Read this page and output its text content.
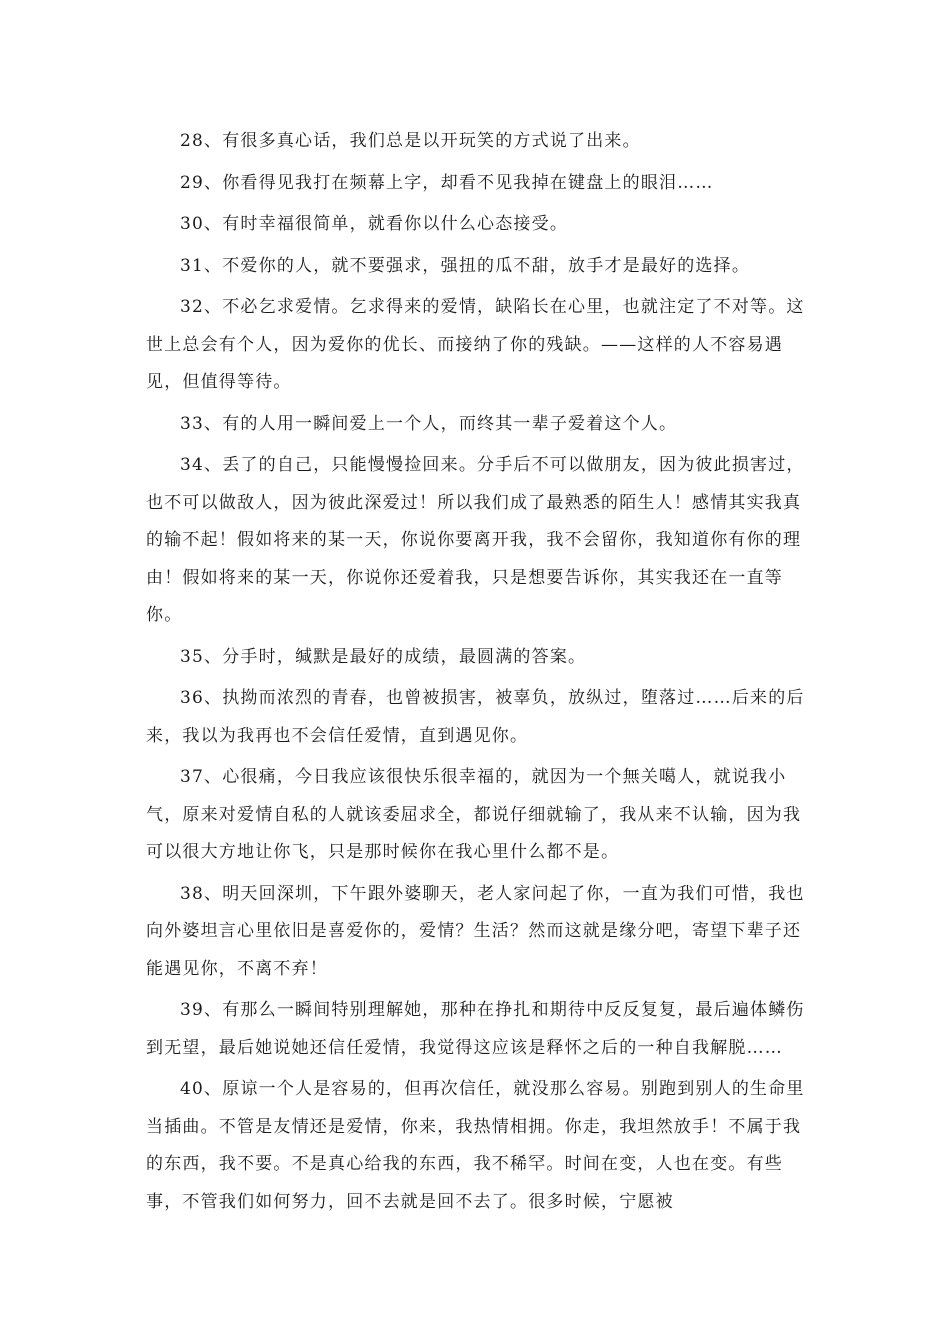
28、有很多真心话，我们总是以开玩笑的方式说了出来。

29、你看得见我打在频幕上字，却看不见我掉在键盘上的眼泪……

30、有时幸福很简单，就看你以什么心态接受。

31、不爱你的人，就不要强求，强扭的瓜不甜，放手才是最好的选择。

32、不必乞求爱情。乞求得来的爱情，缺陷长在心里，也就注定了不对等。这世上总会有个人，因为爱你的优长、而接纳了你的残缺。——这样的人不容易遇见，但值得等待。

33、有的人用一瞬间爱上一个人，而终其一辈子爱着这个人。

34、丢了的自己，只能慢慢捡回来。分手后不可以做朋友，因为彼此损害过，也不可以做敌人，因为彼此深爱过！所以我们成了最熟悉的陌生人！感情其实我真的输不起！假如将来的某一天，你说你要离开我，我不会留你，我知道你有你的理由！假如将来的某一天，你说你还爱着我，只是想要告诉你，其实我还在一直等你。

35、分手时，缄默是最好的成绩，最圆满的答案。

36、执拗而浓烈的青春，也曾被损害，被辜负，放纵过，堕落过……后来的后来，我以为我再也不会信任爱情，直到遇见你。

37、心很痛，今日我应该很快乐很幸福的，就因为一个無关噶人，就说我小气，原来对爱情自私的人就该委屈求全，都说仔细就输了，我从来不认输，因为我可以很大方地让你飞，只是那时候你在我心里什么都不是。

38、明天回深圳，下午跟外婆聊天，老人家问起了你，一直为我们可惜，我也向外婆坦言心里依旧是喜爱你的，爱情？生活？然而这就是缘分吧，寄望下辈子还能遇见你，不离不弃！

39、有那么一瞬间特别理解她，那种在挣扎和期待中反反复复，最后遍体鳞伤到无望，最后她说她还信任爱情，我觉得这应该是释怀之后的一种自我解脱……

40、原谅一个人是容易的，但再次信任，就没那么容易。别跑到别人的生命里当插曲。不管是友情还是爱情，你来，我热情相拥。你走，我坦然放手！不属于我的东西，我不要。不是真心给我的东西，我不稀罕。时间在变，人也在变。有些事，不管我们如何努力，回不去就是回不去了。很多时候，宁愿被
